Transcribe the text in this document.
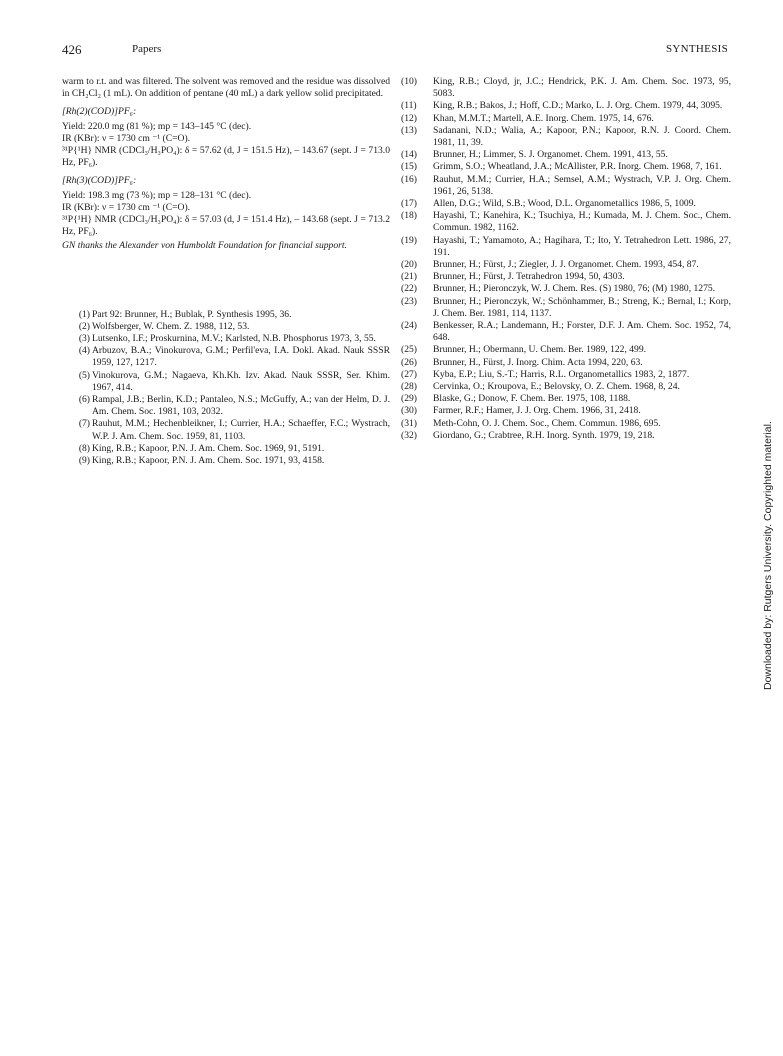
426	Papers	SYNTHESIS

warm to r.t. and was filtered. The solvent was removed and the residue was dissolved in CH₂Cl₂ (1 mL). On addition of pentane (40 mL) a dark yellow solid precipitated.

[Rh(2)(COD)]PF₆:

Yield: 220.0 mg (81 %); mp = 143–145 °C (dec).

IR (KBr): ν = 1730 cm ⁻¹ (C=O).

³¹P{¹H} NMR (CDCl₃/H₃PO₄): δ = 57.62 (d, J = 151.5 Hz), – 143.67 (sept. J = 713.0 Hz, PF₆).

[Rh(3)(COD)]PF₆:

Yield: 198.3 mg (73 %); mp = 128–131 °C (dec).

IR (KBr): ν = 1730 cm ⁻¹ (C=O).

³¹P{¹H} NMR (CDCl₃/H₃PO₄): δ = 57.03 (d, J = 151.4 Hz), – 143.68 (sept. J = 713.2 Hz, PF₆).

GN thanks the Alexander von Humboldt Foundation for financial support.

(1) Part 92: Brunner, H.; Bublak, P. Synthesis 1995, 36.

(2) Wolfsberger, W. Chem. Z. 1988, 112, 53.

(3) Lutsenko, I.F.; Proskurnina, M.V.; Karlsted, N.B. Phosphorus 1973, 3, 55.

(4) Arbuzov, B.A.; Vinokurova, G.M.; Perfil'eva, I.A. Dokl. Akad. Nauk SSSR 1959, 127, 1217.

(5) Vinokurova, G.M.; Nagaeva, Kh.Kh. Izv. Akad. Nauk SSSR, Ser. Khim. 1967, 414.

(6) Rampal, J.B.; Berlin, K.D.; Pantaleo, N.S.; McGuffy, A.; van der Helm, D. J. Am. Chem. Soc. 1981, 103, 2032.

(7) Rauhut, M.M.; Hechenbleikner, I.; Currier, H.A.; Schaeffer, F.C.; Wystrach, W.P. J. Am. Chem. Soc. 1959, 81, 1103.

(8) King, R.B.; Kapoor, P.N. J. Am. Chem. Soc. 1969, 91, 5191.

(9) King, R.B.; Kapoor, P.N. J. Am. Chem. Soc. 1971, 93, 4158.

(10)	King, R.B.; Cloyd, jr, J.C.; Hendrick, P.K. J. Am. Chem. Soc. 1973, 95, 5083.

(11)	King, R.B.; Bakos, J.; Hoff, C.D.; Marko, L. J. Org. Chem. 1979, 44, 3095.

(12)	Khan, M.M.T.; Martell, A.E. Inorg. Chem. 1975, 14, 676.

(13)	Sadanani, N.D.; Walia, A.; Kapoor, P.N.; Kapoor, R.N. J. Coord. Chem. 1981, 11, 39.

(14)	Brunner, H.; Limmer, S. J. Organomet. Chem. 1991, 413, 55.

(15)	Grimm, S.O.; Wheatland, J.A.; McAllister, P.R. Inorg. Chem. 1968, 7, 161.

(16)	Rauhut, M.M.; Currier, H.A.; Semsel, A.M.; Wystrach, V.P. J. Org. Chem. 1961, 26, 5138.

(17)	Allen, D.G.; Wild, S.B.; Wood, D.L. Organometallics 1986, 5, 1009.

(18)	Hayashi, T.; Kanehira, K.; Tsuchiya, H.; Kumada, M. J. Chem. Soc., Chem. Commun. 1982, 1162.

(19)	Hayashi, T.; Yamamoto, A.; Hagihara, T.; Ito, Y. Tetrahedron Lett. 1986, 27, 191.

(20)	Brunner, H.; Fürst, J.; Ziegler, J. J. Organomet. Chem. 1993, 454, 87.

(21)	Brunner, H.; Fürst, J. Tetrahedron 1994, 50, 4303.

(22)	Brunner, H.; Pieronczyk, W. J. Chem. Res. (S) 1980, 76; (M) 1980, 1275.

(23)	Brunner, H.; Pieronczyk, W.; Schönhammer, B.; Streng, K.; Bernal, I.; Korp, J. Chem. Ber. 1981, 114, 1137.

(24)	Benkesser, R.A.; Landemann, H.; Forster, D.F. J. Am. Chem. Soc. 1952, 74, 648.

(25)	Brunner, H.; Obermann, U. Chem. Ber. 1989, 122, 499.

(26)	Brunner, H., Fürst, J. Inorg. Chim. Acta 1994, 220, 63.

(27)	Kyba, E.P.; Liu, S.-T.; Harris, R.L. Organometallics 1983, 2, 1877.

(28)	Cervinka, O.; Kroupova, E.; Belovsky, O. Z. Chem. 1968, 8, 24.

(29)	Blaske, G.; Donow, F. Chem. Ber. 1975, 108, 1188.

(30)	Farmer, R.F.; Hamer, J. J. Org. Chem. 1966, 31, 2418.

(31)	Meth-Cohn, O. J. Chem. Soc., Chem. Commun. 1986, 695.

(32)	Giordano, G.; Crabtree, R.H. Inorg. Synth. 1979, 19, 218.	Downloaded by: Rutgers University. Copyrighted material.
